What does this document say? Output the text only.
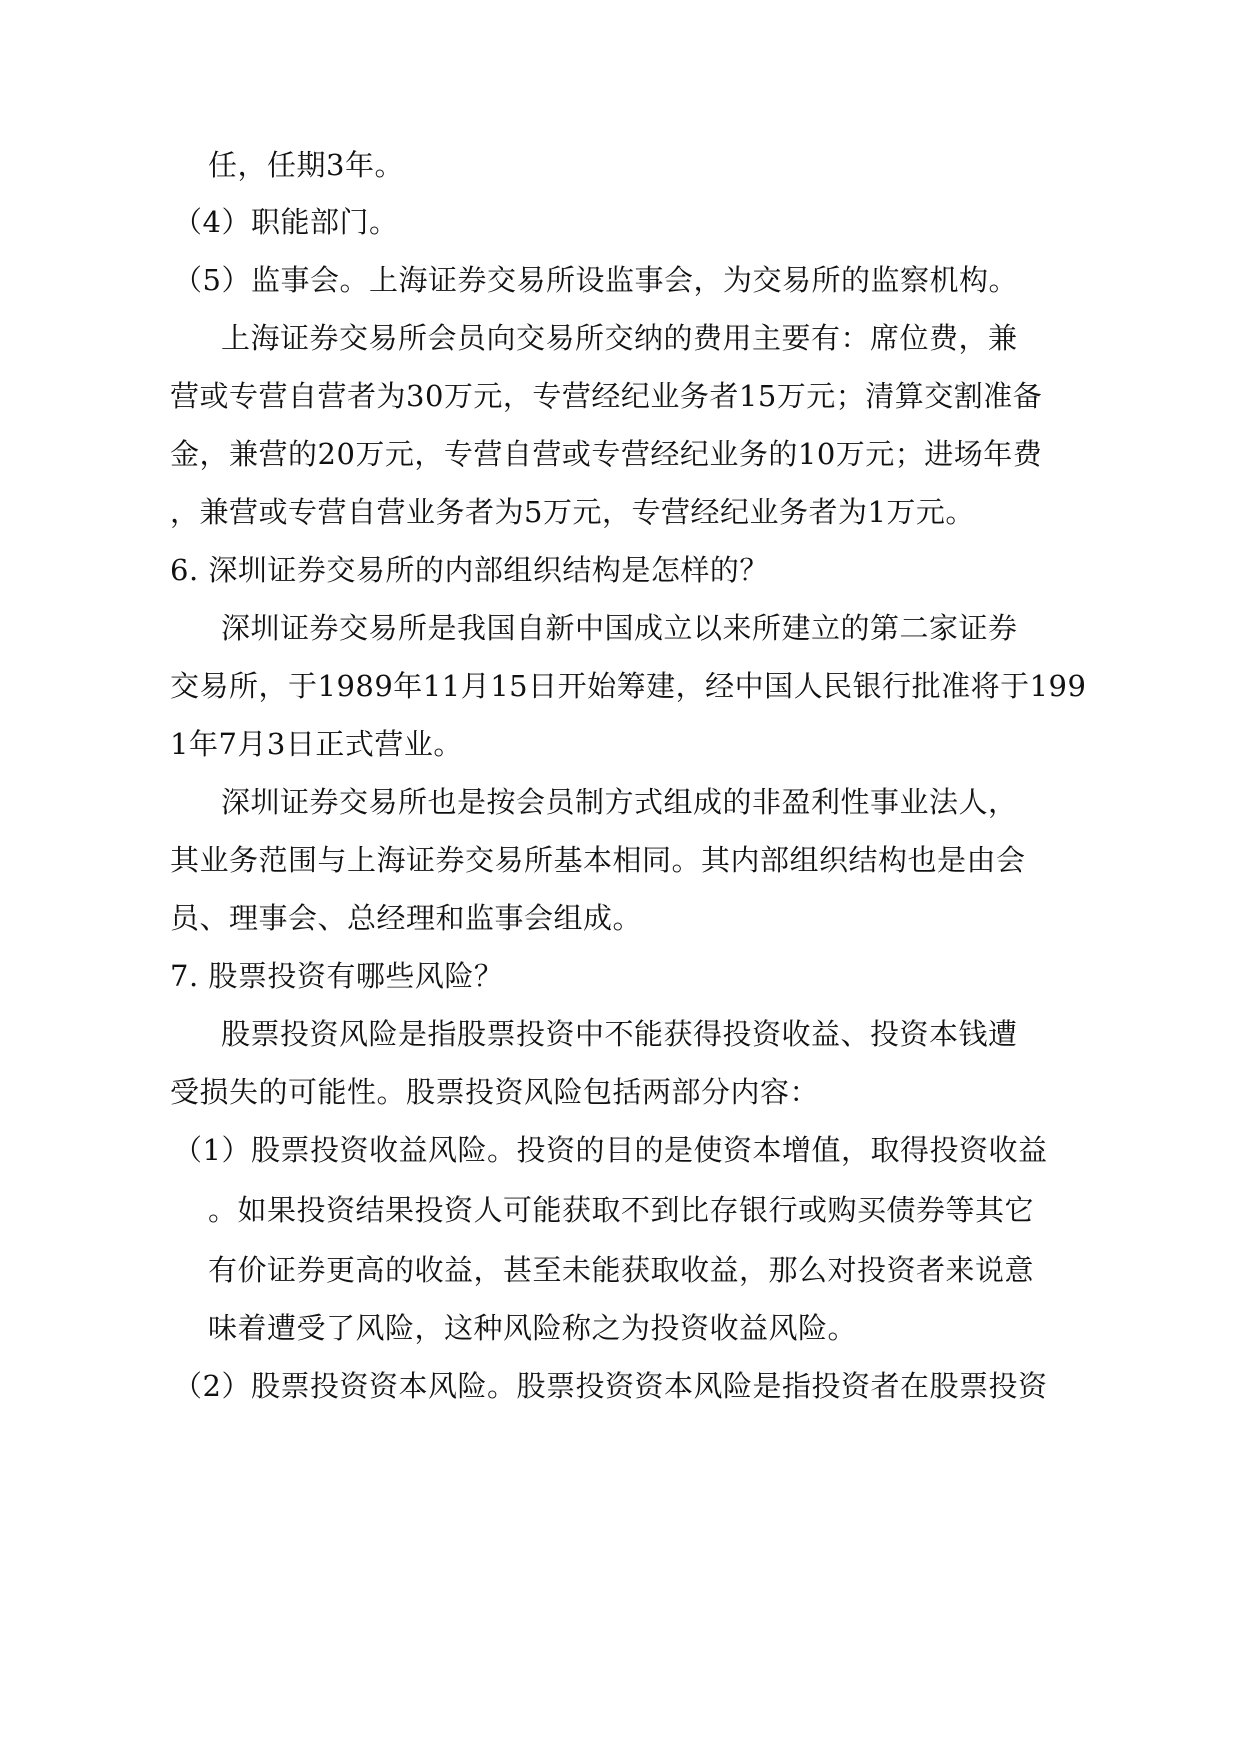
任，任期3年。
（4）职能部门。
（5）监事会。上海证券交易所设监事会，为交易所的监察机构。
上海证券交易所会员向交易所交纳的费用主要有：席位费，兼
营或专营自营者为30万元，专营经纪业务者15万元；清算交割准备
金，兼营的20万元，专营自营或专营经纪业务的10万元；进场年费
，兼营或专营自营业务者为5万元，专营经纪业务者为1万元。
6. 深圳证券交易所的内部组织结构是怎样的？
深圳证券交易所是我国自新中国成立以来所建立的第二家证券
交易所，于1989年11月15日开始筹建，经中国人民银行批准将于199
1年7月3日正式营业。
深圳证券交易所也是按会员制方式组成的非盈利性事业法人，
其业务范围与上海证券交易所基本相同。其内部组织结构也是由会
员、理事会、总经理和监事会组成。
7. 股票投资有哪些风险？
股票投资风险是指股票投资中不能获得投资收益、投资本钱遭
受损失的可能性。股票投资风险包括两部分内容：
（1）股票投资收益风险。投资的目的是使资本增值，取得投资收益
。如果投资结果投资人可能获取不到比存银行或购买债券等其它
有价证券更高的收益，甚至未能获取收益，那么对投资者来说意
味着遭受了风险，这种风险称之为投资收益风险。
（2）股票投资资本风险。股票投资资本风险是指投资者在股票投资
